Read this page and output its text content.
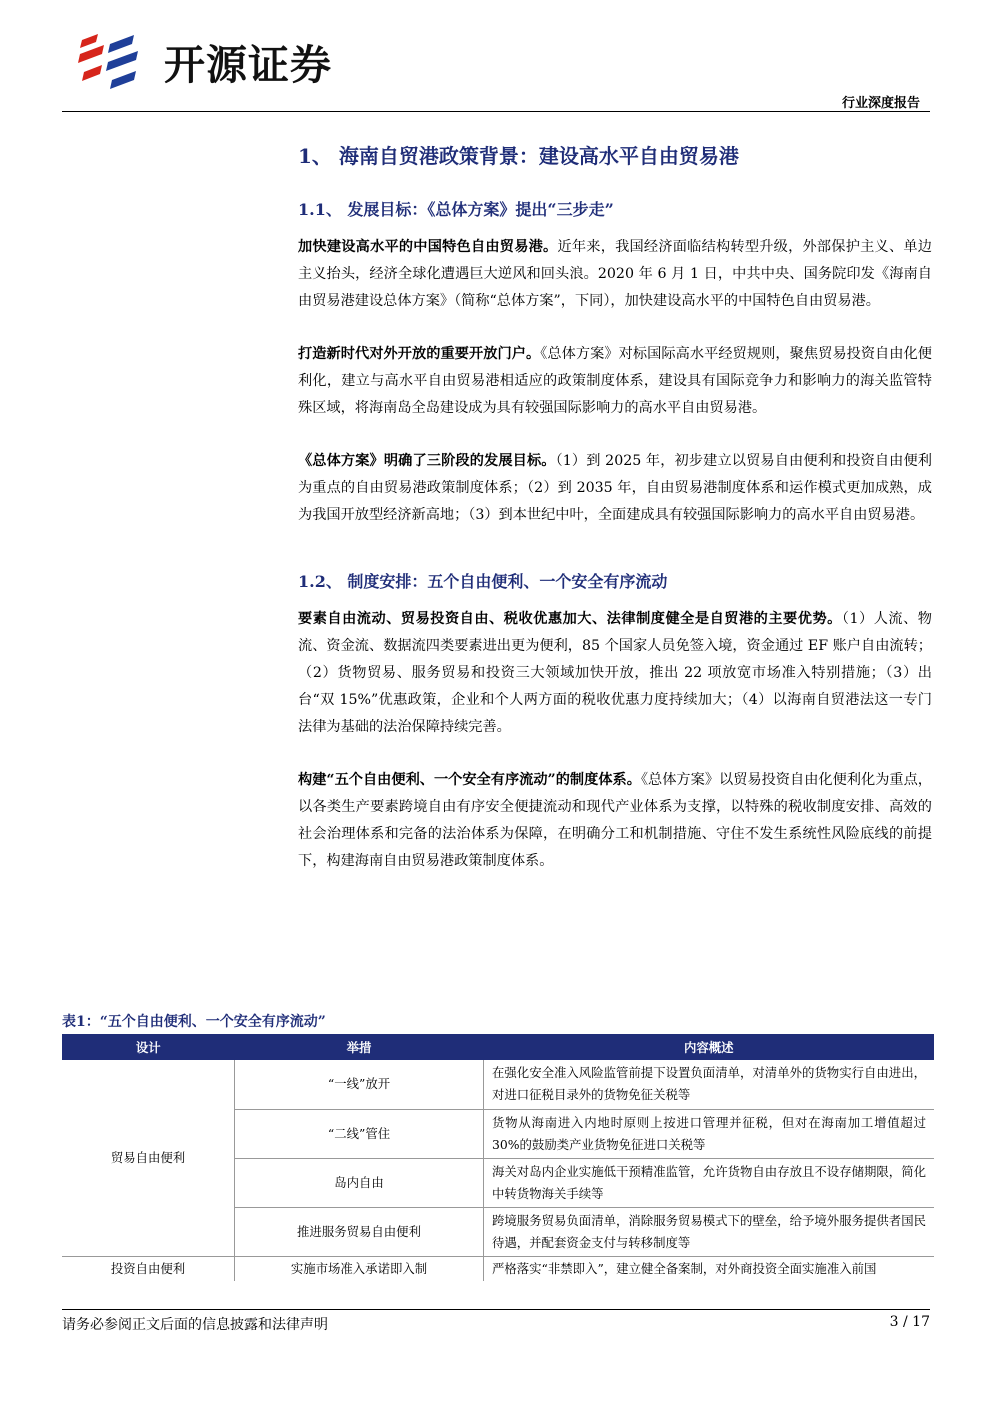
开源证券
行业深度报告
1、 海南自贸港政策背景：建设高水平自由贸易港
1.1、 发展目标：《总体方案》提出“三步走”

加快建设高水平的中国特色自由贸易港。近年来，我国经济面临结构转型升级，外部保护主义、单边主义抬头，经济全球化遭遇巨大逆风和回头浪。2020 年 6 月 1 日，中共中央、国务院印发《海南自由贸易港建设总体方案》（简称“总体方案”，下同），加快建设高水平的中国特色自由贸易港。

打造新时代对外开放的重要开放门户。《总体方案》对标国际高水平经贸规则，聚焦贸易投资自由化便利化，建立与高水平自由贸易港相适应的政策制度体系，建设具有国际竞争力和影响力的海关监管特殊区域，将海南岛全岛建设成为具有较强国际影响力的高水平自由贸易港。

《总体方案》明确了三阶段的发展目标。（1）到 2025 年，初步建立以贸易自由便利和投资自由便利为重点的自由贸易港政策制度体系；（2）到 2035 年，自由贸易港制度体系和运作模式更加成熟，成为我国开放型经济新高地；（3）到本世纪中叶，全面建成具有较强国际影响力的高水平自由贸易港。

1.2、 制度安排：五个自由便利、一个安全有序流动

要素自由流动、贸易投资自由、税收优惠加大、法律制度健全是自贸港的主要优势。（1）人流、物流、资金流、数据流四类要素进出更为便利，85 个国家人员免签入境，资金通过 EF 账户自由流转；（2）货物贸易、服务贸易和投资三大领域加快开放，推出 22 项放宽市场准入特别措施；（3）出台“双 15%”优惠政策，企业和个人两方面的税收优惠力度持续加大；（4）以海南自贸港法这一专门法律为基础的法治保障持续完善。

构建“五个自由便利、一个安全有序流动”的制度体系。《总体方案》以贸易投资自由化便利化为重点，以各类生产要素跨境自由有序安全便捷流动和现代产业体系为支撑，以特殊的税收制度安排、高效的社会治理体系和完备的法治体系为保障，在明确分工和机制措施、守住不发生系统性风险底线的前提下，构建海南自由贸易港政策制度体系。

表1：“五个自由便利、一个安全有序流动”
设计	举措	内容概述
贸易自由便利	“一线”放开	在强化安全准入风险监管前提下设置负面清单，对清单外的货物实行自由进出，对进口征税目录外的货物免征关税等
	“二线”管住	货物从海南进入内地时原则上按进口管理并征税，但对在海南加工增值超过30%的鼓励类产业货物免征进口关税等
	岛内自由	海关对岛内企业实施低干预精准监管，允许货物自由存放且不设存储期限，简化中转货物海关手续等
	推进服务贸易自由便利	跨境服务贸易负面清单，消除服务贸易模式下的壁垒，给予境外服务提供者国民待遇，并配套资金支付与转移制度等
投资自由便利	实施市场准入承诺即入制	严格落实“非禁即入”，建立健全备案制，对外商投资全面实施准入前国
请务必参阅正文后面的信息披露和法律声明	3 / 17
